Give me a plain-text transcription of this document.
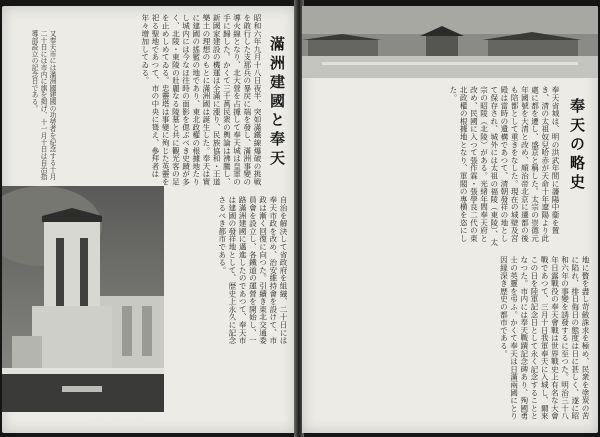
滿洲建國と奉天
昭和六年九月十八日夜半、突如滿鐵線爆破の挑戦を敢行した支那兵の暴戻に端を發し、滿洲事變の導火線となり、北大營を占據して奉天城は皇軍の手に歸した。かくて三千萬民衆の輿論は沸騰し、新國家建設の機運は全滿に漲り、民族協和・王道樂土の理想のもとに滿洲國は誕生した。奉天は實に建國の搖籃の地であり、東北政權の根據地たりし城内には今なほ往時の面影を偲ぶべき史蹟が多く、北陵・東陵の壯麗なる陵墓と共に觀光客の足を止めしめてゐる。忠靈塔は事變に殉じた英靈を祀る聖地であつて、市の中央に聳え、參拜者は年々增加してゐる。
又奉天市には滿洲國建國の功勞者を紀念する十月二十日には市内に旗を掲げ、十一月十日は自治指導部設立の記念日である。
自治を解決して省政府を組織、二十日には奉天市政を改め、治安維持會を設けて、市政は漸く回復に向つた。引續き東北交通委員會を設立し、各鐵道の運營を開始し、一路滿洲建國に邁進したのであつて、奉天市は建國の發祥地として、歴史上永久に記念さるべき都市である。
忠　靈　塔
奉天の略史
奉天省城は、明の洪武年間に瀋陽中衞を置き、清の太祖奴兒哈赤が天命十年遼陽より此處に都を遷し、盛京と稱した。太宗の崇德元年國號を大清と改め、順治帝北京に遷都の後も陪都として重きをなした。現在の城壁及宮殿は當時の遺構であつて、清朝發祥の地として保存され、城外には太祖の福陵（東陵）、太宗の昭陵（北陵）がある。光緒年間奉天府と改め、民國に入つて張作霖・張學良二代の東北政權の根據地となり、軍閥の專横を恣にした。
地に贅を盡し苛斂誅求を極め、民衆を塗炭の苦に陷れ、排日侮日の態度は日に甚しく、遂に昭和六年の事變を誘發するに至つた。明治三十八年日露戰役の奉天會戰は世界戰史上有名な大會戰であつて、三月十日我軍奉天に入城し、爾來この日を陸軍記念日として永く記念することとなつた。市内には奉天戰蹟記念碑あり、殉國勇士の英靈を弔ふ。かくて奉天は日滿兩國にとり因縁深き歴史の都市である。
